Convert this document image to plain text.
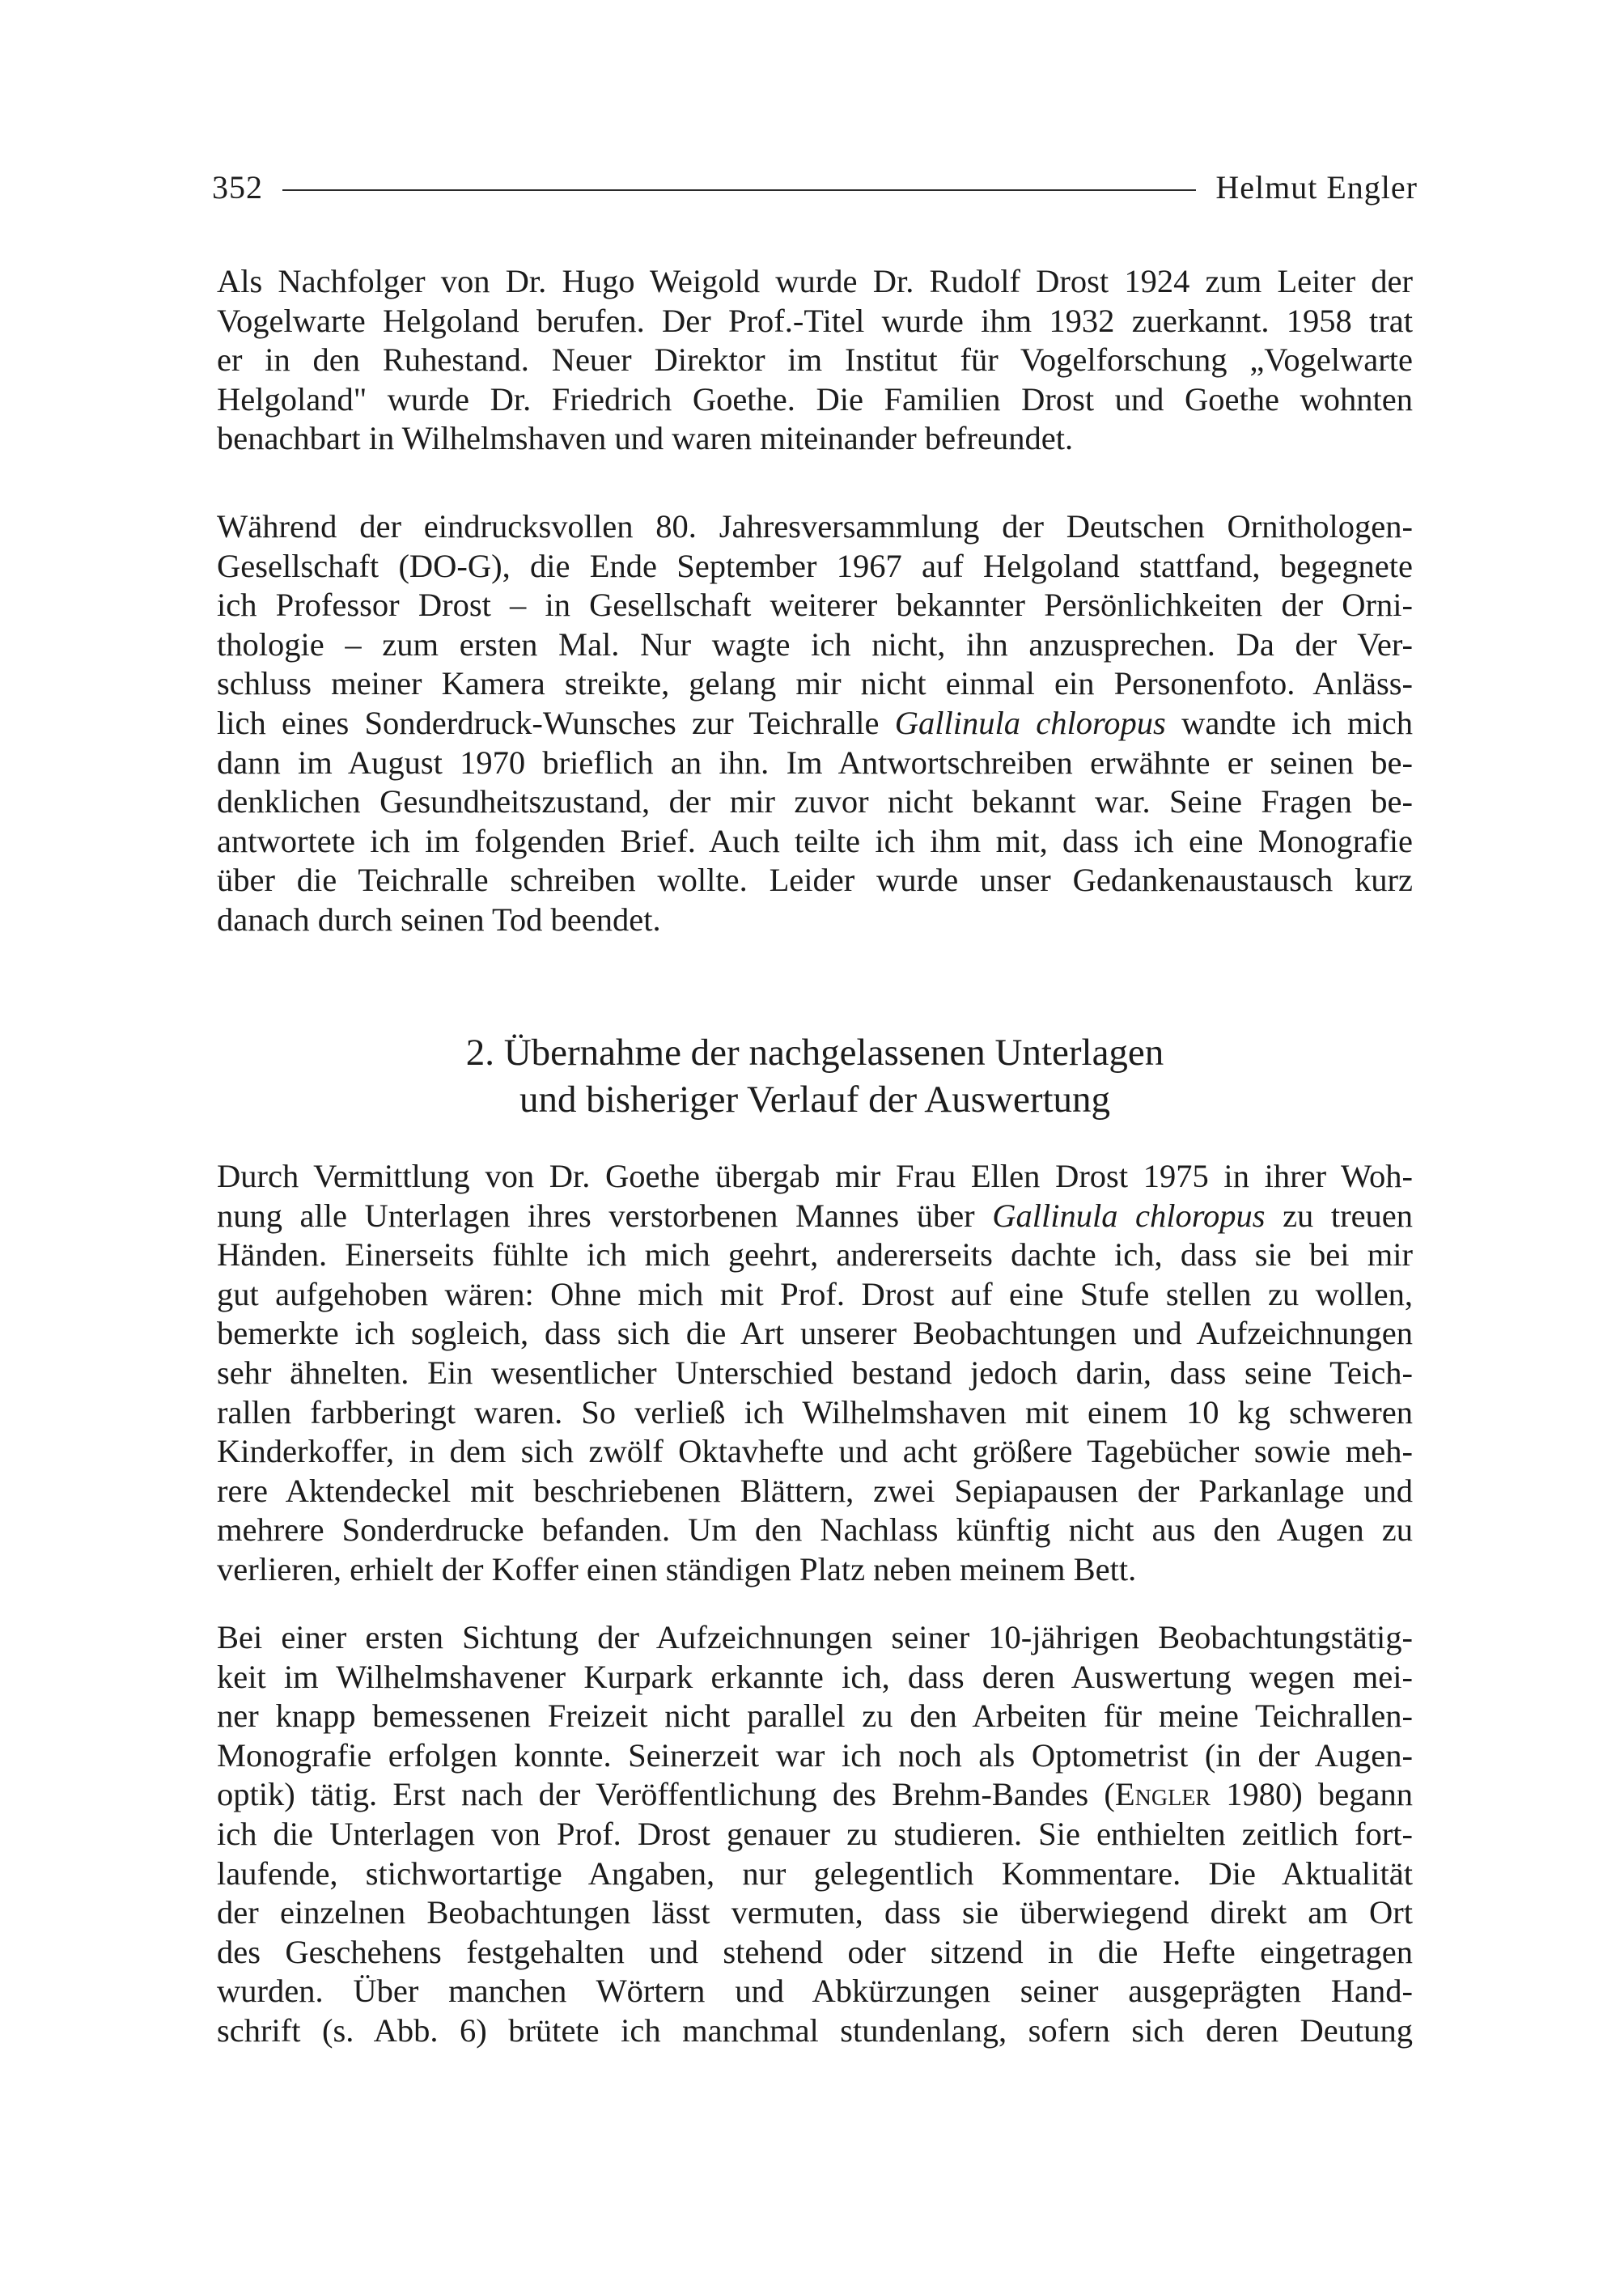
352	Helmut Engler

Als Nachfolger von Dr. Hugo Weigold wurde Dr. Rudolf Drost 1924 zum Leiter der
Vogelwarte Helgoland berufen. Der Prof.-Titel wurde ihm 1932 zuerkannt. 1958 trat
er in den Ruhestand. Neuer Direktor im Institut für Vogelforschung „Vogelwarte
Helgoland" wurde Dr. Friedrich Goethe. Die Familien Drost und Goethe wohnten
benachbart in Wilhelmshaven und waren miteinander befreundet.

Während der eindrucksvollen 80. Jahresversammlung der Deutschen Ornithologen-
Gesellschaft (DO-G), die Ende September 1967 auf Helgoland stattfand, begegnete
ich Professor Drost – in Gesellschaft weiterer bekannter Persönlichkeiten der Orni-
thologie – zum ersten Mal. Nur wagte ich nicht, ihn anzusprechen. Da der Ver-
schluss meiner Kamera streikte, gelang mir nicht einmal ein Personenfoto. Anläss-
lich eines Sonderdruck-Wunsches zur Teichralle Gallinula chloropus wandte ich mich
dann im August 1970 brieflich an ihn. Im Antwortschreiben erwähnte er seinen be-
denklichen Gesundheitszustand, der mir zuvor nicht bekannt war. Seine Fragen be-
antwortete ich im folgenden Brief. Auch teilte ich ihm mit, dass ich eine Monografie
über die Teichralle schreiben wollte. Leider wurde unser Gedankenaustausch kurz
danach durch seinen Tod beendet.

2. Übernahme der nachgelassenen Unterlagen
und bisheriger Verlauf der Auswertung

Durch Vermittlung von Dr. Goethe übergab mir Frau Ellen Drost 1975 in ihrer Woh-
nung alle Unterlagen ihres verstorbenen Mannes über Gallinula chloropus zu treuen
Händen. Einerseits fühlte ich mich geehrt, andererseits dachte ich, dass sie bei mir
gut aufgehoben wären: Ohne mich mit Prof. Drost auf eine Stufe stellen zu wollen,
bemerkte ich sogleich, dass sich die Art unserer Beobachtungen und Aufzeichnungen
sehr ähnelten. Ein wesentlicher Unterschied bestand jedoch darin, dass seine Teich-
rallen farbberingt waren. So verließ ich Wilhelmshaven mit einem 10 kg schweren
Kinderkoffer, in dem sich zwölf Oktavhefte und acht größere Tagebücher sowie meh-
rere Aktendeckel mit beschriebenen Blättern, zwei Sepiapausen der Parkanlage und
mehrere Sonderdrucke befanden. Um den Nachlass künftig nicht aus den Augen zu
verlieren, erhielt der Koffer einen ständigen Platz neben meinem Bett.

Bei einer ersten Sichtung der Aufzeichnungen seiner 10-jährigen Beobachtungstätig-
keit im Wilhelmshavener Kurpark erkannte ich, dass deren Auswertung wegen mei-
ner knapp bemessenen Freizeit nicht parallel zu den Arbeiten für meine Teichrallen-
Monografie erfolgen konnte. Seinerzeit war ich noch als Optometrist (in der Augen-
optik) tätig. Erst nach der Veröffentlichung des Brehm-Bandes (Engler 1980) begann
ich die Unterlagen von Prof. Drost genauer zu studieren. Sie enthielten zeitlich fort-
laufende, stichwortartige Angaben, nur gelegentlich Kommentare. Die Aktualität
der einzelnen Beobachtungen lässt vermuten, dass sie überwiegend direkt am Ort
des Geschehens festgehalten und stehend oder sitzend in die Hefte eingetragen
wurden. Über manchen Wörtern und Abkürzungen seiner ausgeprägten Hand-
schrift (s. Abb. 6) brütete ich manchmal stundenlang, sofern sich deren Deutung
